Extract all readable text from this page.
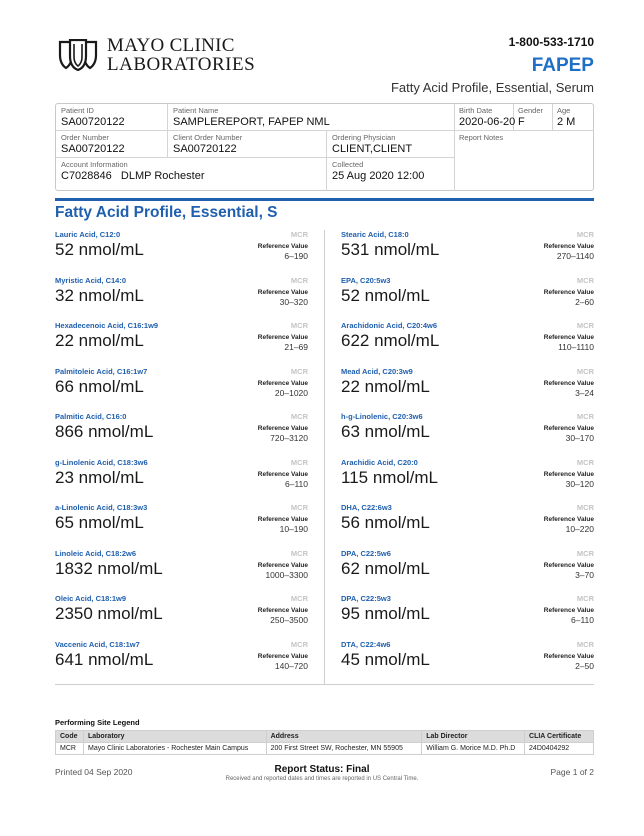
MAYO CLINIC
LABORATORIES
1-800-533-1710
FAPEP
Fatty Acid Profile, Essential, Serum
Patient ID
SA00720122
Patient Name
SAMPLEREPORT, FAPEP NML
Birth Date
2020-06-20
Gender
F
Age
2 M
Order Number
SA00720122
Client Order Number
SA00720122
Ordering Physician
CLIENT,CLIENT
Report Notes
Account Information
C7028846   DLMP Rochester
Collected
25 Aug 2020 12:00
Fatty Acid Profile, Essential, S
Lauric Acid, C12:0	MCR
52 nmol/mL	Reference Value
6–190
Myristic Acid, C14:0	MCR
32 nmol/mL	Reference Value
30–320
Hexadecenoic Acid, C16:1w9	MCR
22 nmol/mL	Reference Value
21–69
Palmitoleic Acid, C16:1w7	MCR
66 nmol/mL	Reference Value
20–1020
Palmitic Acid, C16:0	MCR
866 nmol/mL	Reference Value
720–3120
g-Linolenic Acid, C18:3w6	MCR
23 nmol/mL	Reference Value
6–110
a-Linolenic Acid, C18:3w3	MCR
65 nmol/mL	Reference Value
10–190
Linoleic Acid, C18:2w6	MCR
1832 nmol/mL	Reference Value
1000–3300
Oleic Acid, C18:1w9	MCR
2350 nmol/mL	Reference Value
250–3500
Vaccenic Acid, C18:1w7	MCR
641 nmol/mL	Reference Value
140–720
Stearic Acid, C18:0	MCR
531 nmol/mL	Reference Value
270–1140
EPA, C20:5w3	MCR
52 nmol/mL	Reference Value
2–60
Arachidonic Acid, C20:4w6	MCR
622 nmol/mL	Reference Value
110–1110
Mead Acid, C20:3w9	MCR
22 nmol/mL	Reference Value
3–24
h-g-Linolenic, C20:3w6	MCR
63 nmol/mL	Reference Value
30–170
Arachidic Acid, C20:0	MCR
115 nmol/mL	Reference Value
30–120
DHA, C22:6w3	MCR
56 nmol/mL	Reference Value
10–220
DPA, C22:5w6	MCR
62 nmol/mL	Reference Value
3–70
DPA, C22:5w3	MCR
95 nmol/mL	Reference Value
6–110
DTA, C22:4w6	MCR
45 nmol/mL	Reference Value
2–50
Performing Site Legend
Code	Laboratory	Address	Lab Director	CLIA Certificate
MCR	Mayo Clinic Laboratories - Rochester Main Campus	200 First Street SW, Rochester, MN 55905	William G. Morice M.D. Ph.D	24D0404292
Printed 04 Sep 2020	Report Status: Final
Received and reported dates and times are reported in US Central Time.
Page 1 of 2
